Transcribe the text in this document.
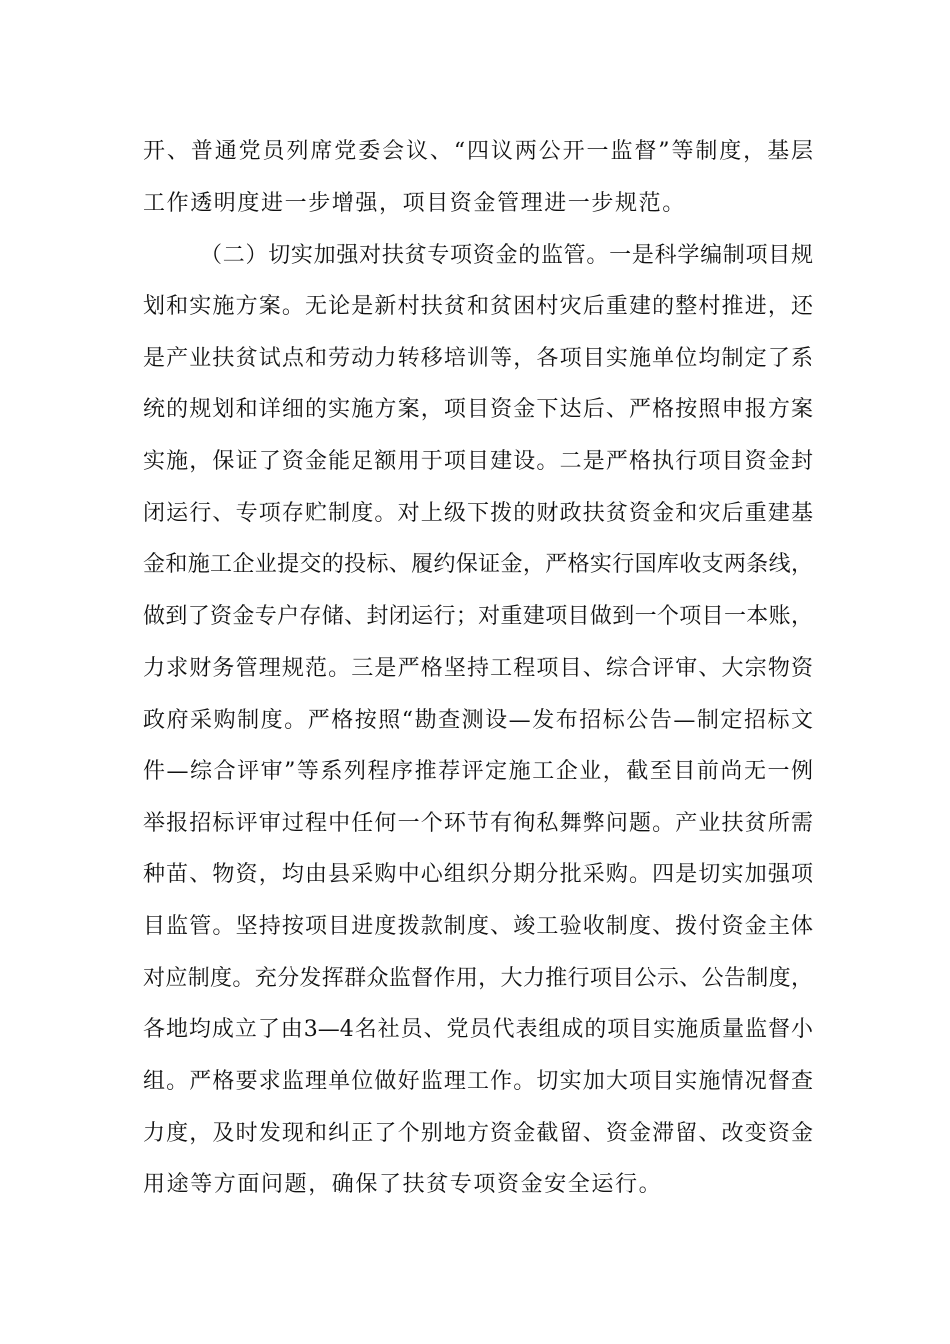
开、普通党员列席党委会议、“四议两公开一监督”等制度，基层
工作透明度进一步增强，项目资金管理进一步规范。
（二）切实加强对扶贫专项资金的监管。一是科学编制项目规
划和实施方案。无论是新村扶贫和贫困村灾后重建的整村推进，还
是产业扶贫试点和劳动力转移培训等，各项目实施单位均制定了系
统的规划和详细的实施方案，项目资金下达后、严格按照申报方案
实施，保证了资金能足额用于项目建设。二是严格执行项目资金封
闭运行、专项存贮制度。对上级下拨的财政扶贫资金和灾后重建基
金和施工企业提交的投标、履约保证金，严格实行国库收支两条线，
做到了资金专户存储、封闭运行；对重建项目做到一个项目一本账，
力求财务管理规范。三是严格坚持工程项目、综合评审、大宗物资
政府采购制度。严格按照“勘查测设—发布招标公告—制定招标文
件—综合评审”等系列程序推荐评定施工企业，截至目前尚无一例
举报招标评审过程中任何一个环节有徇私舞弊问题。产业扶贫所需
种苗、物资，均由县采购中心组织分期分批采购。四是切实加强项
目监管。坚持按项目进度拨款制度、竣工验收制度、拨付资金主体
对应制度。充分发挥群众监督作用，大力推行项目公示、公告制度，
各地均成立了由3—4名社员、党员代表组成的项目实施质量监督小
组。严格要求监理单位做好监理工作。切实加大项目实施情况督查
力度，及时发现和纠正了个别地方资金截留、资金滞留、改变资金
用途等方面问题，确保了扶贫专项资金安全运行。
